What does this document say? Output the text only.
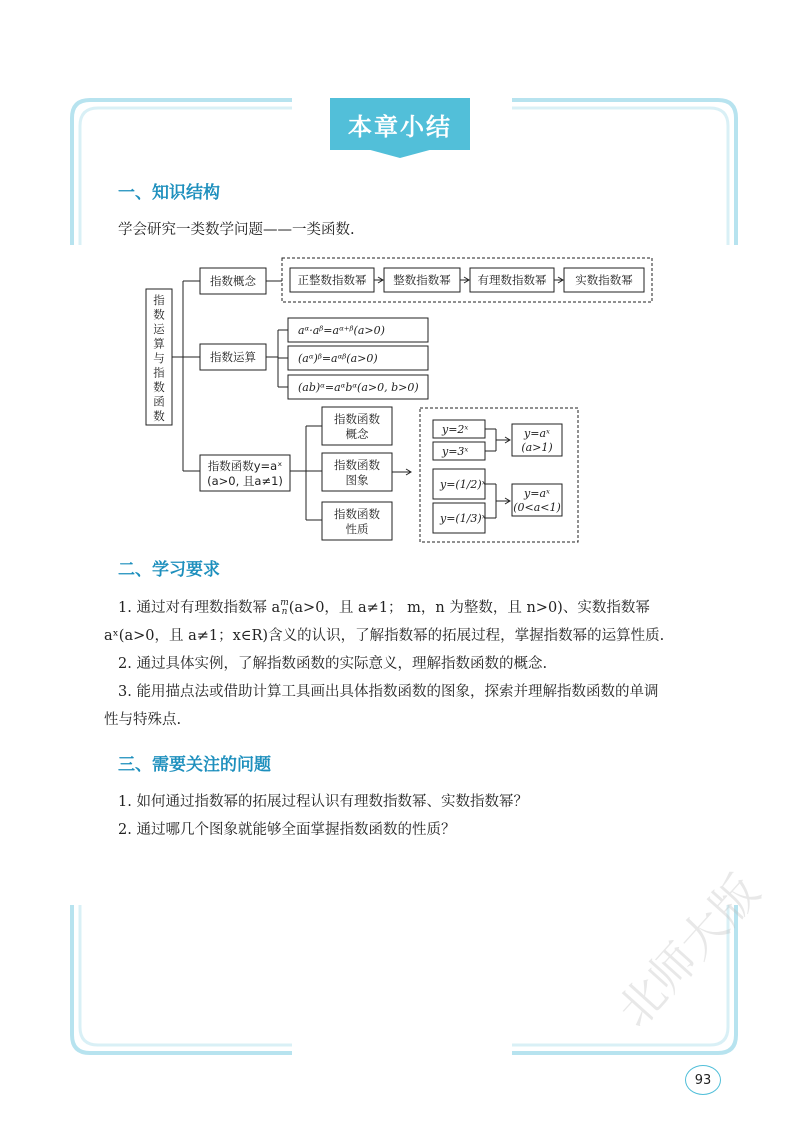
本章小结
一、知识结构
学会研究一类数学问题——一类函数.
指
数
运
算
与
指
数
函
数
指数概念	正整数指数幂 整数指数幂 有理数指数幂	实数指数幂
指数运算
aᵅ·aᵝ=aᵅ⁺ᵝ(a>0)
(aᵅ)ᵝ=aᵅᵝ(a>0)
(ab)ᵅ=aᵅbᵅ(a>0, b>0)
指数函数y=aˣ
(a>0, 且a≠1)
指数函数
概念
指数函数
图象
指数函数
性质
y=2ˣ
y=3ˣ
y=aˣ
(a>1)
y=(1/2)ˣ
y=(1/3)ˣ
y=aˣ
(0<a<1)
二、学习要求
1. 通过对有理数指数幂 am
n(a>0，且 a≠1； m，n 为整数，且 n>0)、实数指数幂
aˣ(a>0，且 a≠1；x∈R)含义的认识，了解指数幂的拓展过程，掌握指数幂的运算性质.
2. 通过具体实例，了解指数函数的实际意义，理解指数函数的概念.
3. 能用描点法或借助计算工具画出具体指数函数的图象，探索并理解指数函数的单调
性与特殊点.
三、需要关注的问题
1. 如何通过指数幂的拓展过程认识有理数指数幂、实数指数幂？
2. 通过哪几个图象就能够全面掌握指数函数的性质？
北师大版
93
